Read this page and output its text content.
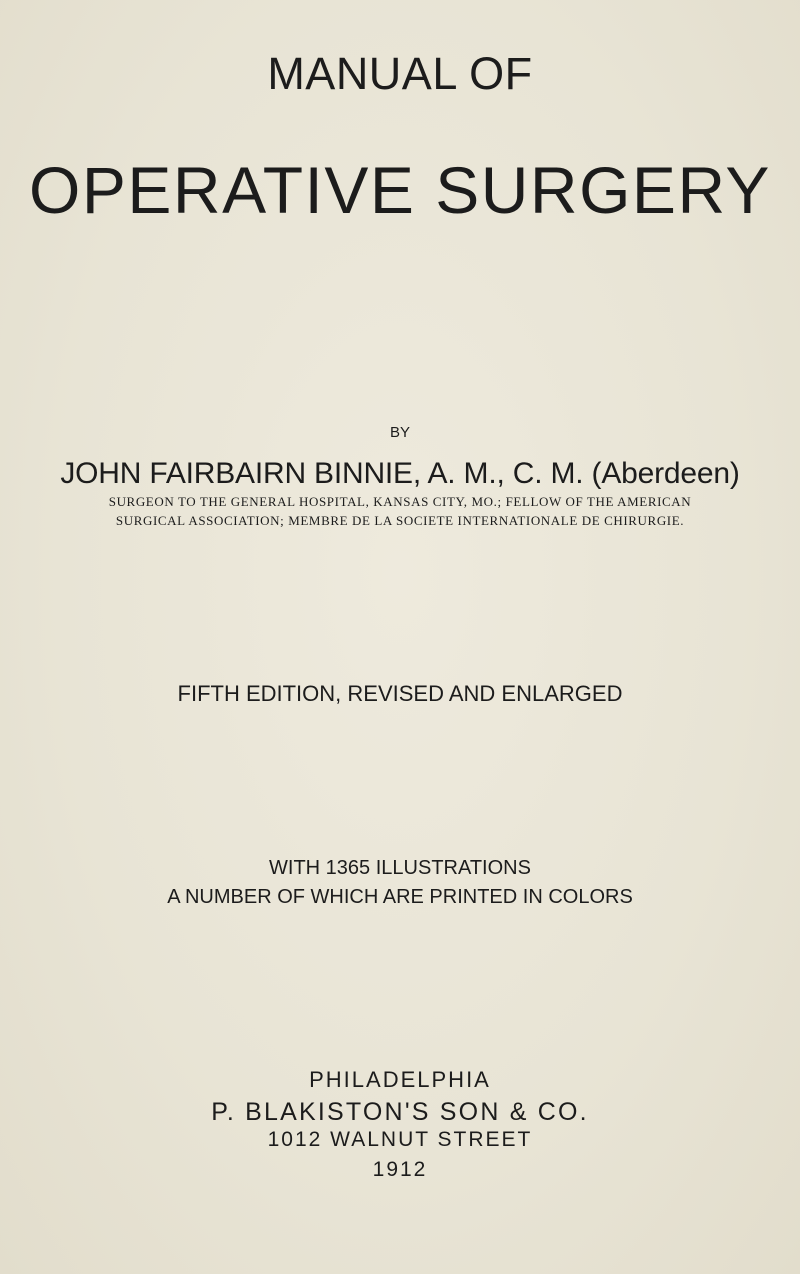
MANUAL OF
OPERATIVE SURGERY
BY
JOHN FAIRBAIRN BINNIE, A. M., C. M. (Aberdeen)
SURGEON TO THE GENERAL HOSPITAL, KANSAS CITY, MO.; FELLOW OF THE AMERICAN
SURGICAL ASSOCIATION; MEMBRE DE LA SOCIETE INTERNATIONALE DE CHIRURGIE.
FIFTH EDITION, REVISED AND ENLARGED
WITH 1365 ILLUSTRATIONS
A NUMBER OF WHICH ARE PRINTED IN COLORS
PHILADELPHIA
P. BLAKISTON'S SON & CO.
1012 WALNUT STREET
1912
